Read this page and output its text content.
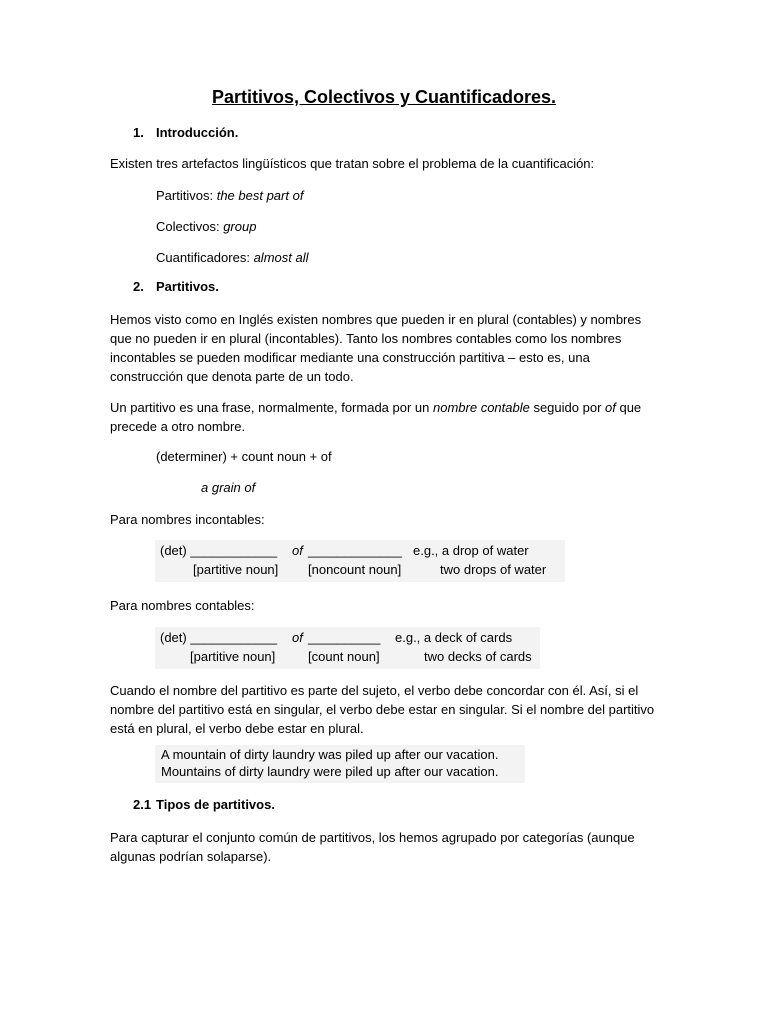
Partitivos, Colectivos y Cuantificadores.
1. Introducción.
Existen tres artefactos lingüísticos que tratan sobre el problema de la cuantificación:
Partitivos: the best part of
Colectivos: group
Cuantificadores: almost all
2. Partitivos.
Hemos visto como en Inglés existen nombres que pueden ir en plural (contables) y nombres que no pueden ir en plural (incontables). Tanto los nombres contables como los nombres incontables se pueden modificar mediante una construcción partitiva – esto es, una construcción que denota parte de un todo.
Un partitivo es una frase, normalmente, formada por un nombre contable seguido por of que precede a otro nombre.
(determiner) + count noun + of
a grain of
Para nombres incontables:
(det) ____________ of _____________ e.g., a drop of water
[partitive noun] [noncount noun]	two drops of water
Para nombres contables:
(det) ____________ of __________ e.g., a deck of cards
[partitive noun]	[count noun]	two decks of cards
Cuando el nombre del partitivo es parte del sujeto, el verbo debe concordar con él. Así, si el nombre del partitivo está en singular, el verbo debe estar en singular. Si el nombre del partitivo está en plural, el verbo debe estar en plural.
A mountain of dirty laundry was piled up after our vacation.
Mountains of dirty laundry were piled up after our vacation.
2.1 Tipos de partitivos.
Para capturar el conjunto común de partitivos, los hemos agrupado por categorías (aunque algunas podrían solaparse).
